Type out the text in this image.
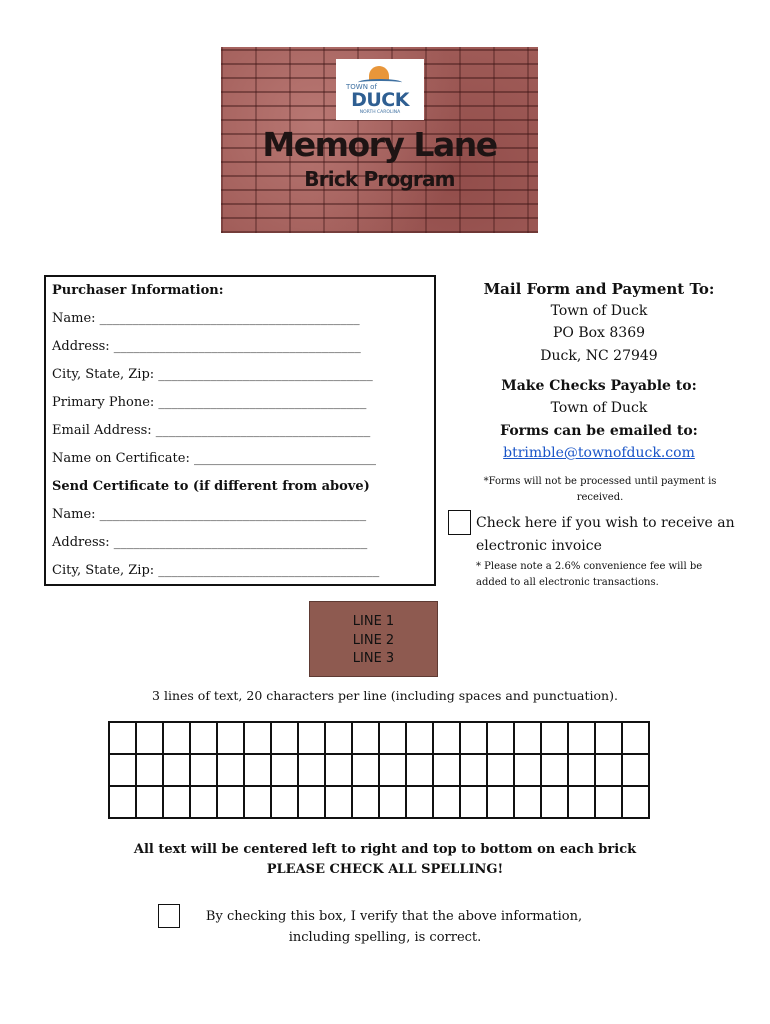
TOWN of
DUCK
NORTH CAROLINA
Memory Lane
Brick Program
Purchaser Information:
Name: ________________________________________
Address: ______________________________________
City, State, Zip: _________________________________
Primary Phone: ________________________________
Email Address: _________________________________
Name on Certificate: ____________________________
Send Certificate to (if different from above)
Name: _________________________________________
Address: _______________________________________
City, State, Zip: __________________________________
Mail Form and Payment To:
Town of Duck
PO Box 8369
Duck, NC 27949
Make Checks Payable to:
Town of Duck
Forms can be emailed to:
btrimble@townofduck.com
*Forms will not be processed until payment is received.
Check here if you wish to receive an electronic invoice
* Please note a 2.6% convenience fee will be added to all electronic transactions.
LINE 1
LINE 2
LINE 3
3 lines of text, 20 characters per line (including spaces and punctuation).
All text will be centered left to right and top to bottom on each brick
PLEASE CHECK ALL SPELLING!
By checking this box, I verify that the above information,
including spelling, is correct.
